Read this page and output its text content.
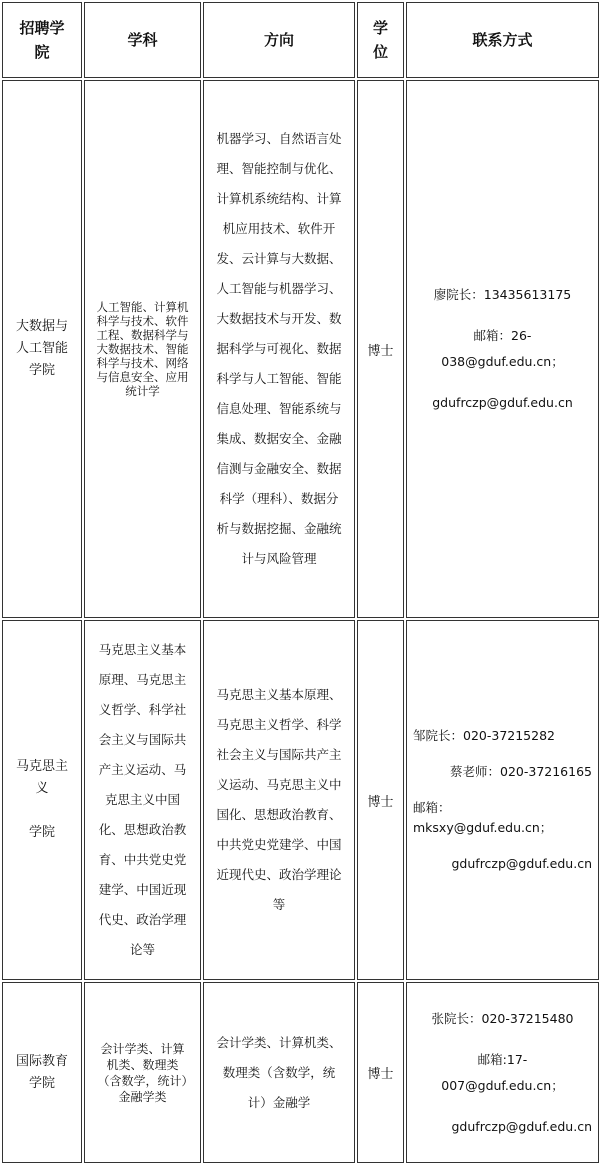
招聘学
院
学科	方向
学
位
联系方式
大数据与
人工智能
学院
人工智能、计算机科学与技术、软件工程、数据科学与大数据技术、智能科学与技术、网络与信息安全、应用统计学
机器学习、自然语言处理、智能控制与优化、计算机系统结构、计算机应用技术、软件开发、云计算与大数据、人工智能与机器学习、大数据技术与开发、数据科学与可视化、数据科学与人工智能、智能信息处理、智能系统与集成、数据安全、金融信测与金融安全、数据科学（理科）、数据分析与数据挖掘、金融统计与风险管理
博士
廖院长：13435613175
邮箱：26-
038@gduf.edu.cn；
gdufrczp@gduf.edu.cn
马克思主
义

学院
马克思主义基本原理、马克思主义哲学、科学社会主义与国际共产主义运动、马克思主义中国化、思想政治教育、中共党史党建学、中国近现代史、政治学理论等
马克思主义基本原理、马克思主义哲学、科学社会主义与国际共产主义运动、马克思主义中国化、思想政治教育、中共党史党建学、中国近现代史、政治学理论等
博士
邹院长：020-37215282
蔡老师：020-37216165
邮箱：
mksxy@gduf.edu.cn；
gdufrczp@gduf.edu.cn
国际教育
学院
会计学类、计算机类、数理类（含数学，统计）金融学类
会计学类、计算机类、数理类（含数学，统计）金融学
博士
张院长：020-37215480
邮箱:17-
007@gduf.edu.cn；
gdufrczp@gduf.edu.cn
